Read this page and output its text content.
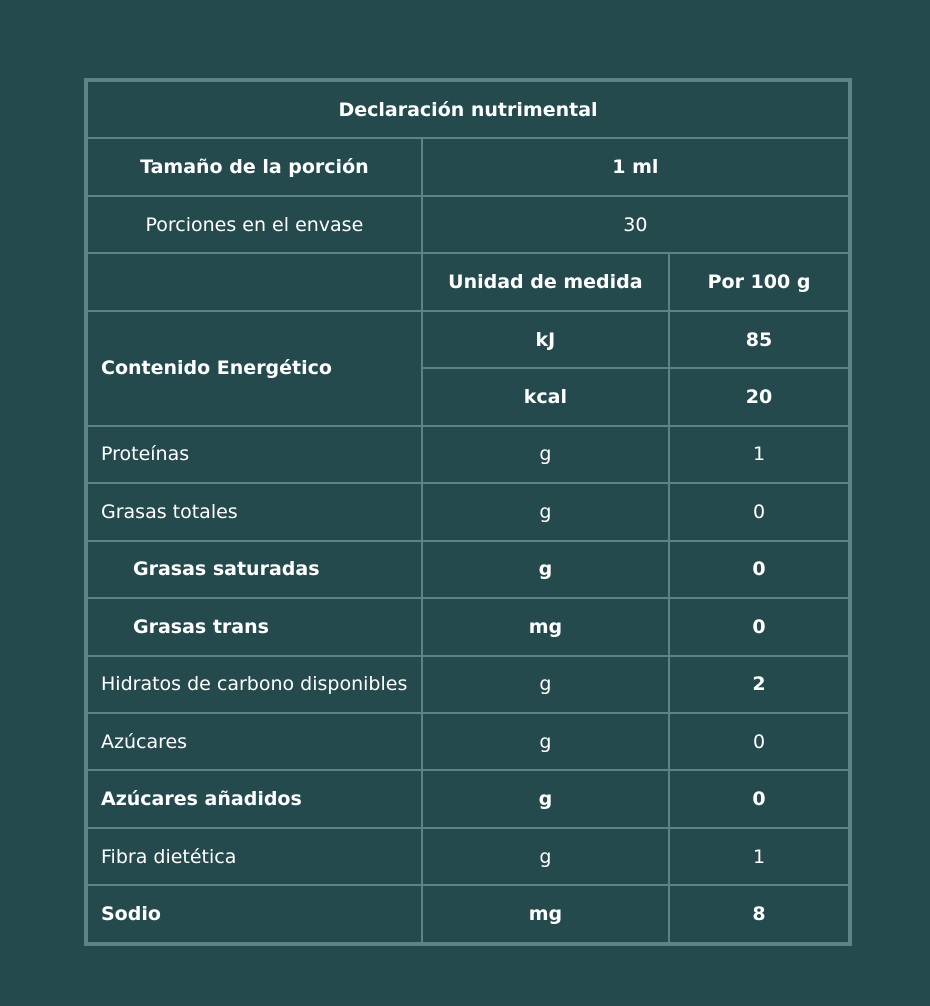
Declaración nutrimental		
Tamaño de la porción	1 ml	
Porciones en el envase	30	
	Unidad de medida	Por 100 g
Contenido Energético	kJ	85
	kcal	20
Proteínas	g	1
Grasas totales	g	0
Grasas saturadas	g	0
Grasas trans	mg	0
Hidratos de carbono disponibles	g	2
Azúcares	g	0
Azúcares añadidos	g	0
Fibra dietética	g	1
Sodio	mg	8
